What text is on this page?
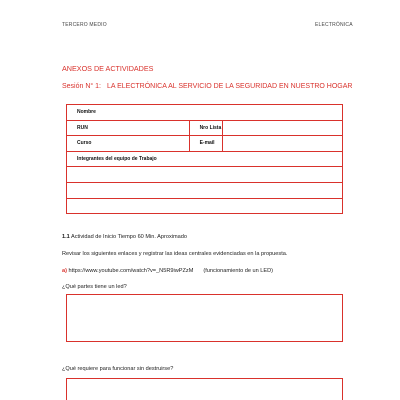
TERCERO MEDIO	ELECTRÓNICA
ANEXOS DE ACTIVIDADES
Sesión N° 1: LA ELECTRÓNICA AL SERVICIO DE LA SEGURIDAD EN NUESTRO HOGAR
Nombre		
RUN	Nro Lista	
Curso	E-mail	
Integrantes del equipo de Trabajo		

1.1 Actividad de Inicio Tiempo 60 Min. Aproximado
Revisar los siguientes enlaces y registrar las ideas centrales evidenciadas en la propuesta.
a) https://www.youtube.com/watch?v=_N5R9iwPZzM (funcionamiento de un LED)
¿Qué partes tiene un led?
¿Qué requiere para funcionar sin destruirse?
